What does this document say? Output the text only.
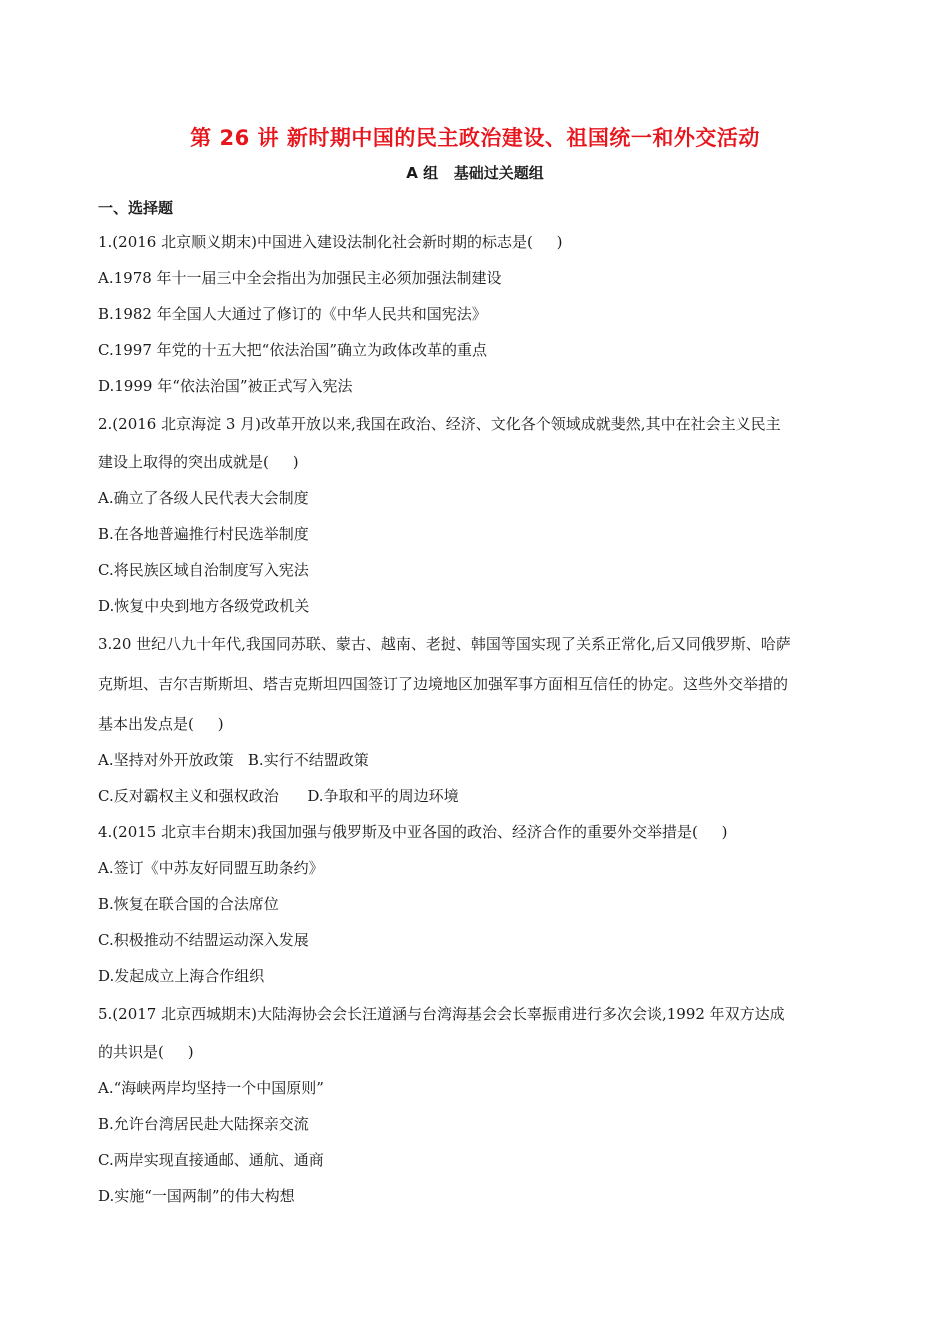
第 26 讲 新时期中国的民主政治建设、祖国统一和外交活动
A 组   基础过关题组
一、选择题
1.(2016 北京顺义期末)中国进入建设法制化社会新时期的标志是(     )
A.1978 年十一届三中全会指出为加强民主必须加强法制建设
B.1982 年全国人大通过了修订的《中华人民共和国宪法》
C.1997 年党的十五大把“依法治国”确立为政体改革的重点
D.1999 年“依法治国”被正式写入宪法
2.(2016 北京海淀 3 月)改革开放以来,我国在政治、经济、文化各个领域成就斐然,其中在社会主义民主
建设上取得的突出成就是(     )
A.确立了各级人民代表大会制度
B.在各地普遍推行村民选举制度
C.将民族区域自治制度写入宪法
D.恢复中央到地方各级党政机关
3.20 世纪八九十年代,我国同苏联、蒙古、越南、老挝、韩国等国实现了关系正常化,后又同俄罗斯、哈萨
克斯坦、吉尔吉斯斯坦、塔吉克斯坦四国签订了边境地区加强军事方面相互信任的协定。这些外交举措的
基本出发点是(     )
A.坚持对外开放政策   B.实行不结盟政策
C.反对霸权主义和强权政治      D.争取和平的周边环境
4.(2015 北京丰台期末)我国加强与俄罗斯及中亚各国的政治、经济合作的重要外交举措是(     )
A.签订《中苏友好同盟互助条约》
B.恢复在联合国的合法席位
C.积极推动不结盟运动深入发展
D.发起成立上海合作组织
5.(2017 北京西城期末)大陆海协会会长汪道涵与台湾海基会会长辜振甫进行多次会谈,1992 年双方达成
的共识是(     )
A.“海峡两岸均坚持一个中国原则”
B.允许台湾居民赴大陆探亲交流
C.两岸实现直接通邮、通航、通商
D.实施“一国两制”的伟大构想
